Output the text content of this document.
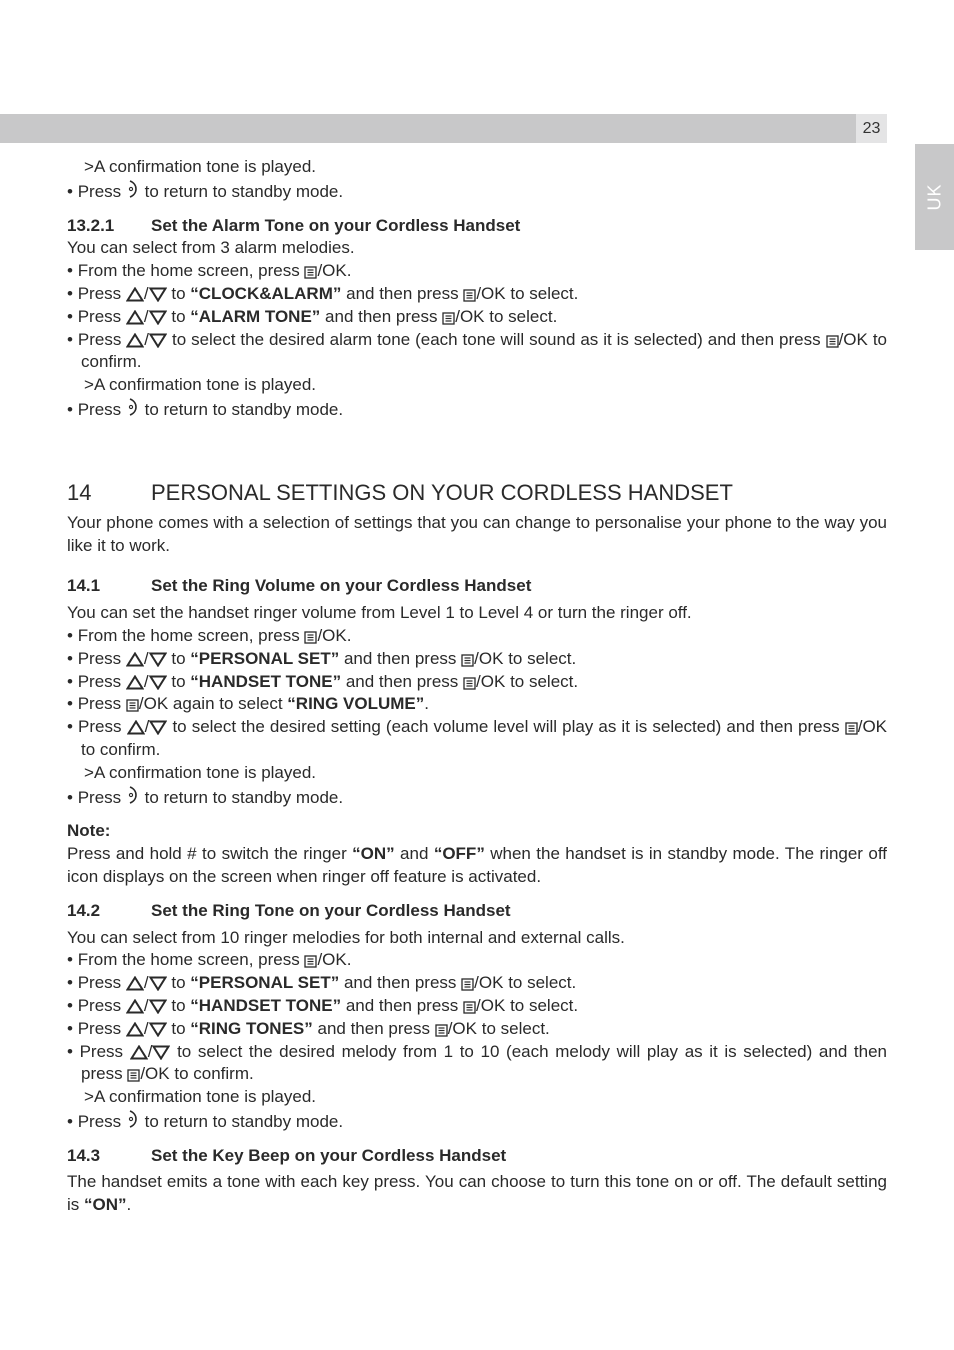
23
UK

>A confirmation tone is played.

• Press to return to standby mode.

13.2.1	Set the Alarm Tone on your Cordless Handset

You can select from 3 alarm melodies.

• From the home screen, press /OK.

• Press / to “CLOCK&ALARM” and then press /OK to select.

• Press / to “ALARM TONE” and then press /OK to select.

• Press / to select the desired alarm tone (each tone will sound as it is selected) and then press /OK to confirm.

>A confirmation tone is played.

• Press to return to standby mode.

14	PERSONAL SETTINGS ON YOUR CORDLESS HANDSET

Your phone comes with a selection of settings that you can change to personalise your phone to the way you like it to work.

14.1	Set the Ring Volume on your Cordless Handset

You can set the handset ringer volume from Level 1 to Level 4 or turn the ringer off.

• From the home screen, press /OK.

• Press / to “PERSONAL SET” and then press /OK to select.

• Press / to “HANDSET TONE” and then press /OK to select.

• Press /OK again to select “RING VOLUME”.

• Press / to select the desired setting (each volume level will play as it is selected) and then press /OK to confirm.

>A confirmation tone is played.

• Press to return to standby mode.

Note:

Press and hold # to switch the ringer “ON” and “OFF” when the handset is in standby mode. The ringer off icon displays on the screen when ringer off feature is activated.

14.2	Set the Ring Tone on your Cordless Handset

You can select from 10 ringer melodies for both internal and external calls.

• From the home screen, press /OK.

• Press / to “PERSONAL SET” and then press /OK to select.

• Press / to “HANDSET TONE” and then press /OK to select.

• Press / to “RING TONES” and then press /OK to select.

• Press / to select the desired melody from 1 to 10 (each melody will play as it is selected) and then press /OK to confirm.

>A confirmation tone is played.

• Press to return to standby mode.

14.3	Set the Key Beep on your Cordless Handset

The handset emits a tone with each key press. You can choose to turn this tone on or off. The default setting is “ON”.
